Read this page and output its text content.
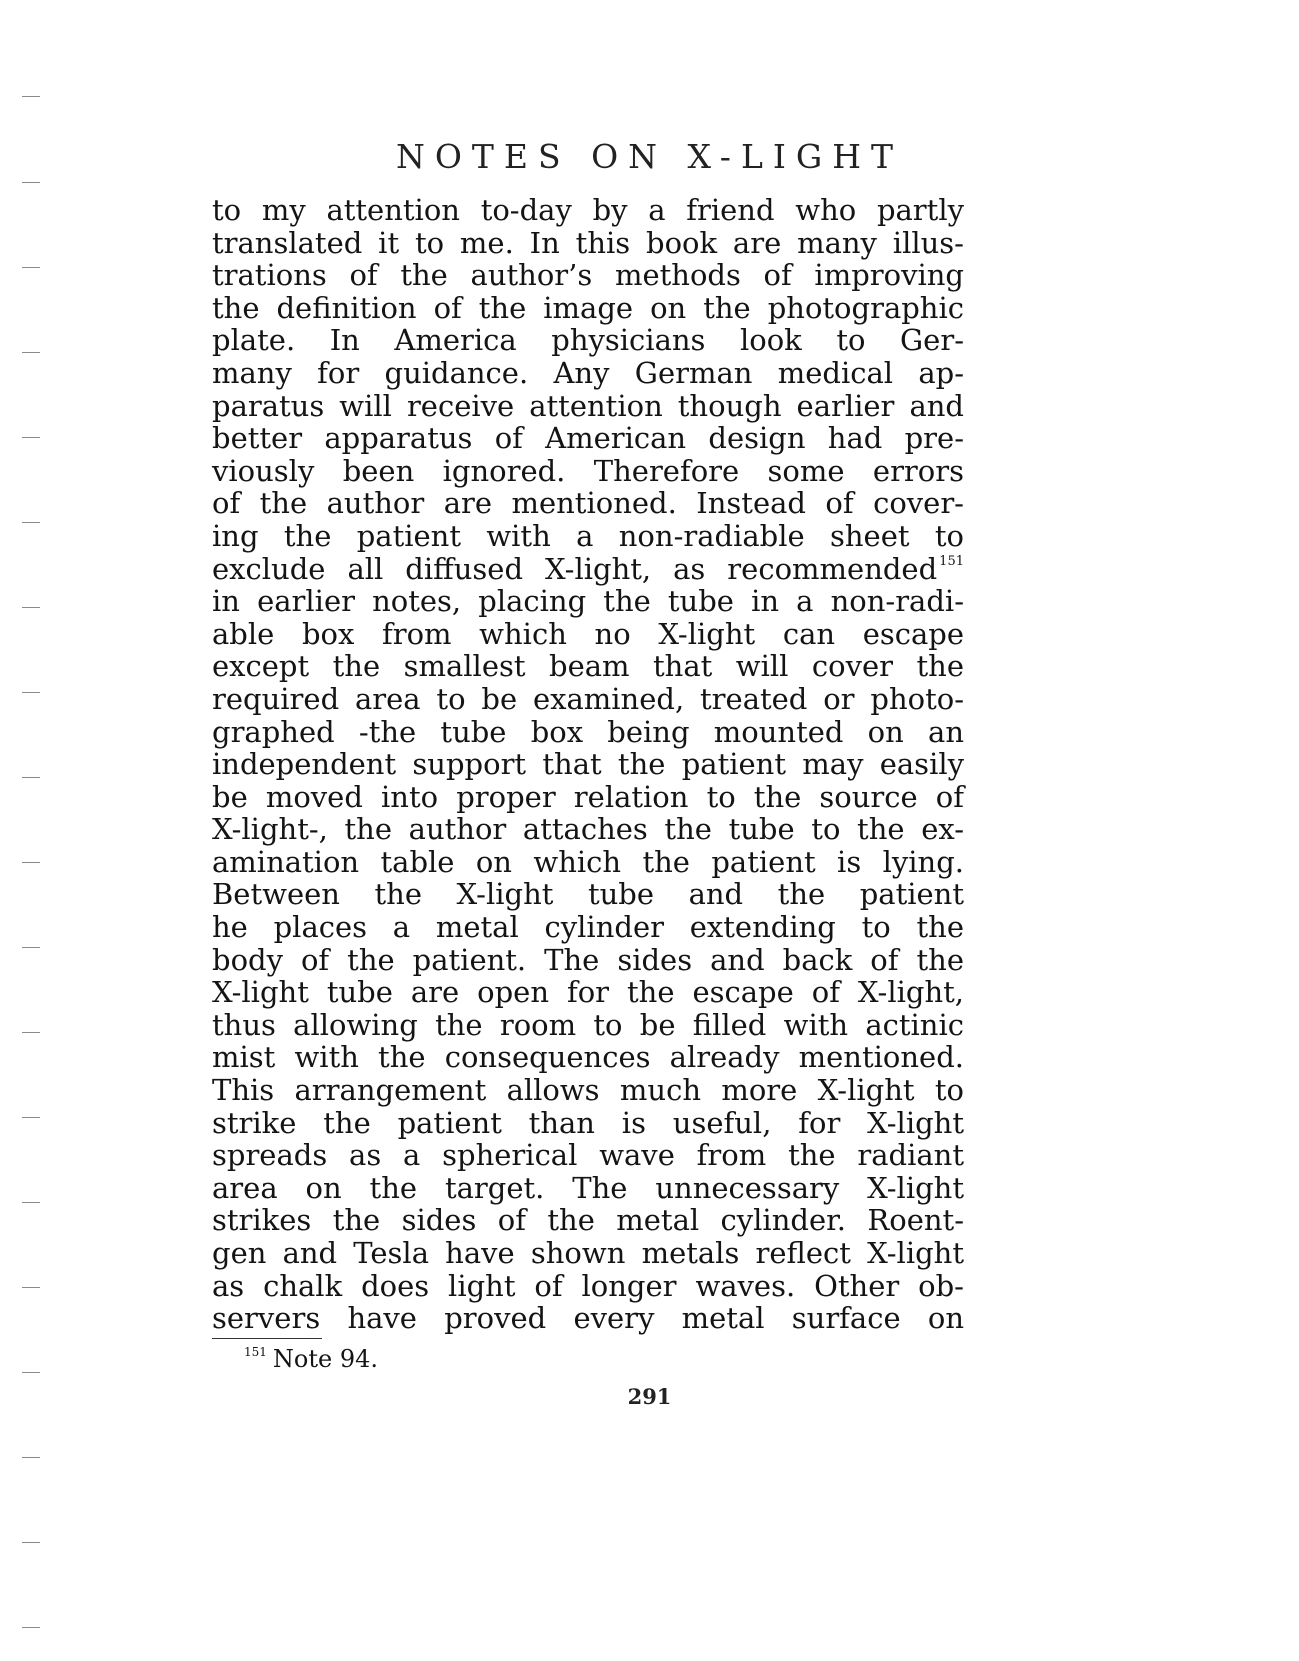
NOTES ON X-LIGHT
to my attention to-day by a friend who partly
translated it to me. In this book are many illus-
trations of the author’s methods of improving
the definition of the image on the photographic
plate. In America physicians look to Ger-
many for guidance. Any German medical ap-
paratus will receive attention though earlier and
better apparatus of American design had pre-
viously been ignored. Therefore some errors
of the author are mentioned. Instead of cover-
ing the patient with a non-radiable sheet to
exclude all diffused X-light, as recommended $^{151}$
in earlier notes, placing the tube in a non-radi-
able box from which no X-light can escape
except the smallest beam that will cover the
required area to be examined, treated or photo-
graphed -the tube box being mounted on an
independent support that the patient may easily
be moved into proper relation to the source of
X-light-, the author attaches the tube to the ex-
amination table on which the patient is lying.
Between the X-light tube and the patient
he places a metal cylinder extending to the
body of the patient. The sides and back of the
X-light tube are open for the escape of X-light,
thus allowing the room to be filled with actinic
mist with the consequences already mentioned.
This arrangement allows much more X-light to
strike the patient than is useful, for X-light
spreads as a spherical wave from the radiant
area on the target. The unnecessary X-light
strikes the sides of the metal cylinder. Roent-
gen and Tesla have shown metals reflect X-light
as chalk does light of longer waves. Other ob-
servers have proved every metal surface on

$^{151}$ Note 94.

291
